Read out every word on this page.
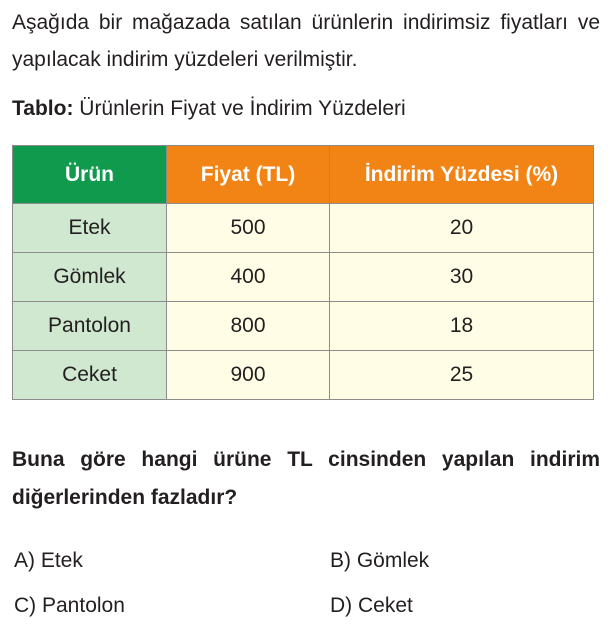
Aşağıda bir mağazada satılan ürünlerin indirimsiz fiyatları ve yapılacak indirim yüzdeleri verilmiştir.

Tablo: Ürünlerin Fiyat ve İndirim Yüzdeleri

Ürün	Fiyat (TL)	İndirim Yüzdesi (%)
Etek	500	20
Gömlek	400	30
Pantolon	800	18
Ceket	900	25

Buna göre hangi ürüne TL cinsinden yapılan indirim diğerlerinden fazladır?

A) Etek	B) Gömlek
C) Pantolon	D) Ceket
